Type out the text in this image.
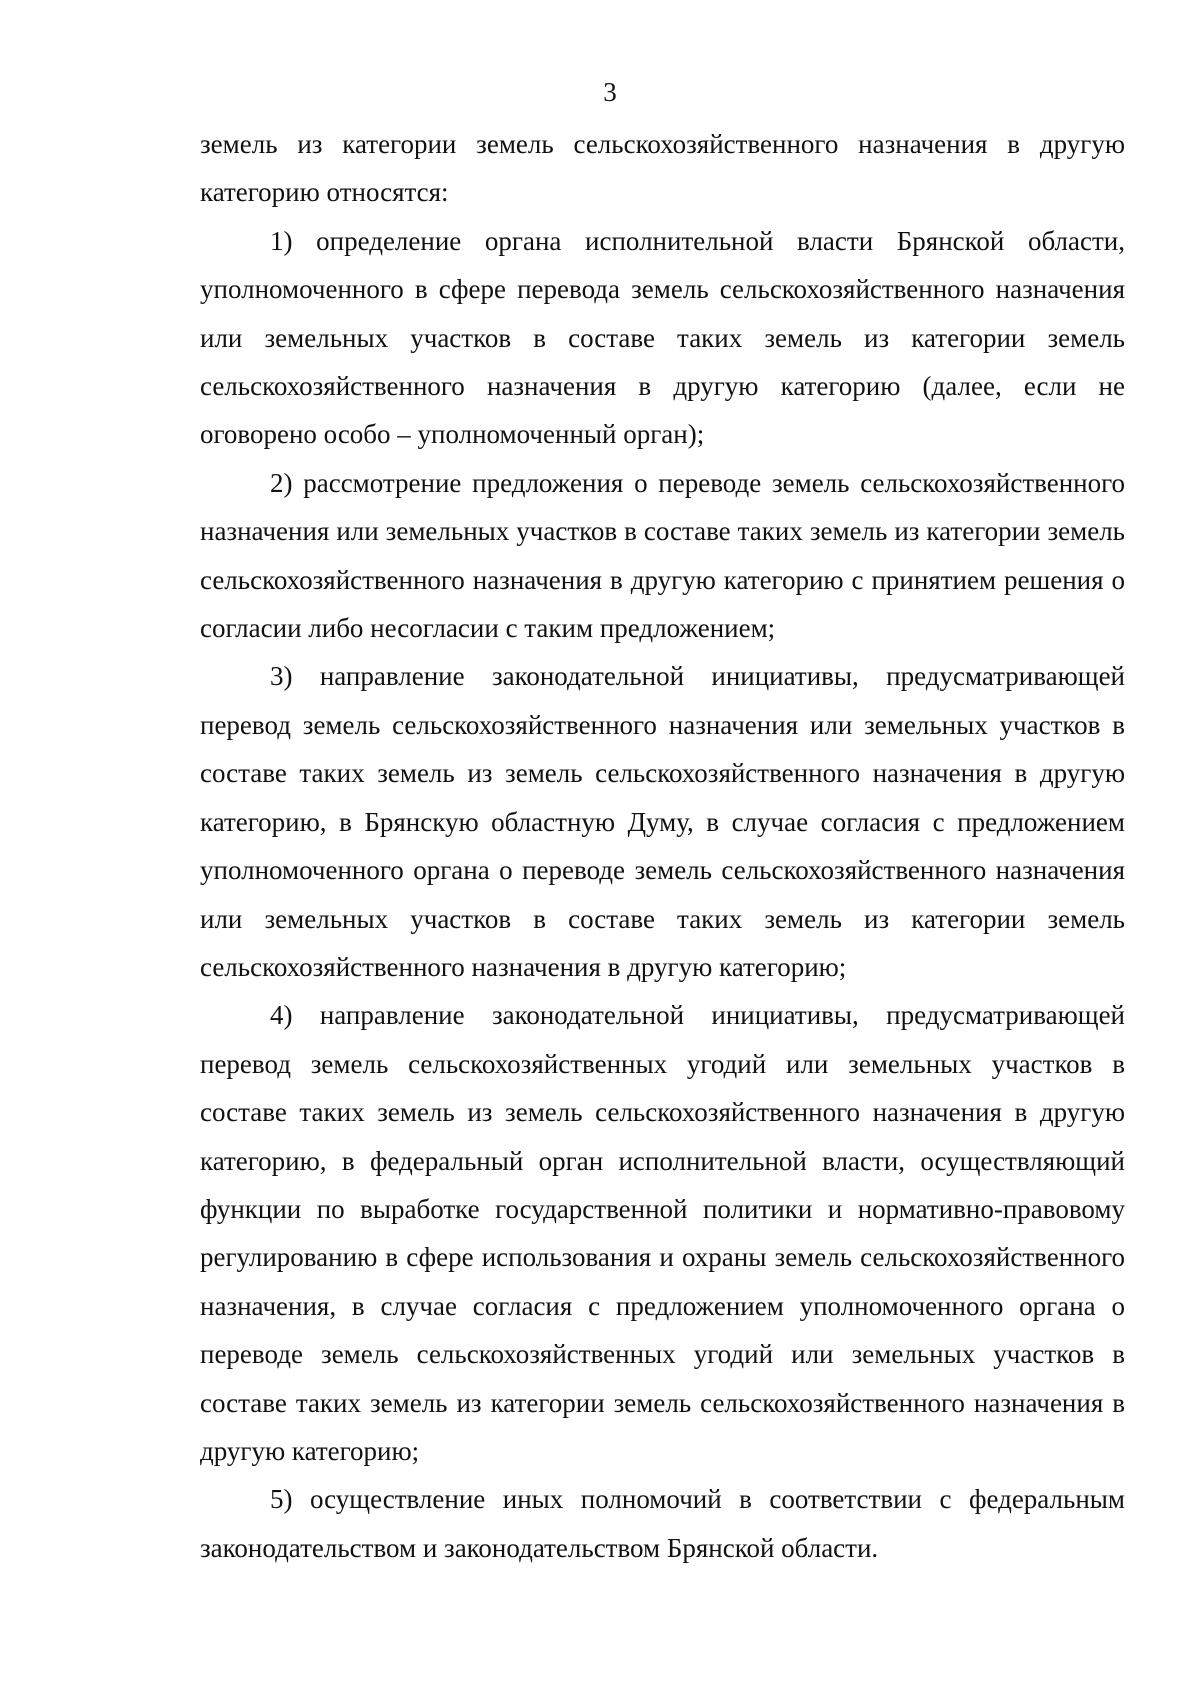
3

земель из категории земель сельскохозяйственного назначения в другую категорию относятся:

1) определение органа исполнительной власти Брянской области, уполномоченного в сфере перевода земель сельскохозяйственного назначения или земельных участков в составе таких земель из категории земель сельскохозяйственного назначения в другую категорию (далее, если не оговорено особо – уполномоченный орган);

2) рассмотрение предложения о переводе земель сельскохозяйственного назначения или земельных участков в составе таких земель из категории земель сельскохозяйственного назначения в другую категорию с принятием решения о согласии либо несогласии с таким предложением;

3) направление законодательной инициативы, предусматривающей перевод земель сельскохозяйственного назначения или земельных участков в составе таких земель из земель сельскохозяйственного назначения в другую категорию, в Брянскую областную Думу, в случае согласия с предложением уполномоченного органа о переводе земель сельскохозяйственного назначения или земельных участков в составе таких земель из категории земель сельскохозяйственного назначения в другую категорию;

4) направление законодательной инициативы, предусматривающей перевод земель сельскохозяйственных угодий или земельных участков в составе таких земель из земель сельскохозяйственного назначения в другую категорию, в федеральный орган исполнительной власти, осуществляющий функции по выработке государственной политики и нормативно-правовому регулированию в сфере использования и охраны земель сельскохозяйственного назначения, в случае согласия с предложением уполномоченного органа о переводе земель сельскохозяйственных угодий или земельных участков в составе таких земель из категории земель сельскохозяйственного назначения в другую категорию;

5) осуществление иных полномочий в соответствии с федеральным законодательством и законодательством Брянской области.
